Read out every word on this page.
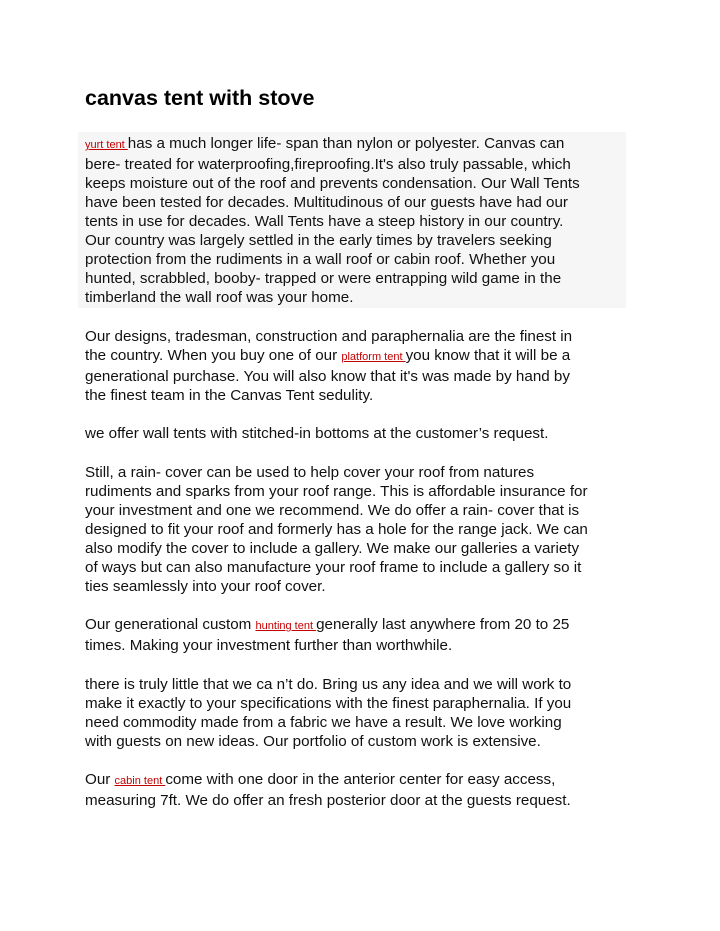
canvas tent with stove
yurt tent has a much longer life- span than nylon or polyester. Canvas can
bere- treated for waterproofing,fireproofing.It's also truly passable, which
keeps moisture out of the roof and prevents condensation. Our Wall Tents
have been tested for decades. Multitudinous of our guests have had our
tents in use for decades. Wall Tents have a steep history in our country.
Our country was largely settled in the early times by travelers seeking
protection from the rudiments in a wall roof or cabin roof. Whether you
hunted, scrabbled, booby- trapped or were entrapping wild game in the
timberland the wall roof was your home.
Our designs, tradesman, construction and paraphernalia are the finest in
the country. When you buy one of our platform tent you know that it will be a
generational purchase. You will also know that it's was made by hand by
the finest team in the Canvas Tent sedulity.
we offer wall tents with stitched-in bottoms at the customer’s request.
Still, a rain- cover can be used to help cover your roof from natures
rudiments and sparks from your roof range. This is affordable insurance for
your investment and one we recommend. We do offer a rain- cover that is
designed to fit your roof and formerly has a hole for the range jack. We can
also modify the cover to include a gallery. We make our galleries a variety
of ways but can also manufacture your roof frame to include a gallery so it
ties seamlessly into your roof cover.
Our generational custom hunting tent generally last anywhere from 20 to 25
times. Making your investment further than worthwhile.
there is truly little that we ca n’t do. Bring us any idea and we will work to
make it exactly to your specifications with the finest paraphernalia. If you
need commodity made from a fabric we have a result. We love working
with guests on new ideas. Our portfolio of custom work is extensive.
Our cabin tent come with one door in the anterior center for easy access,
measuring 7ft. We do offer an fresh posterior door at the guests request.
